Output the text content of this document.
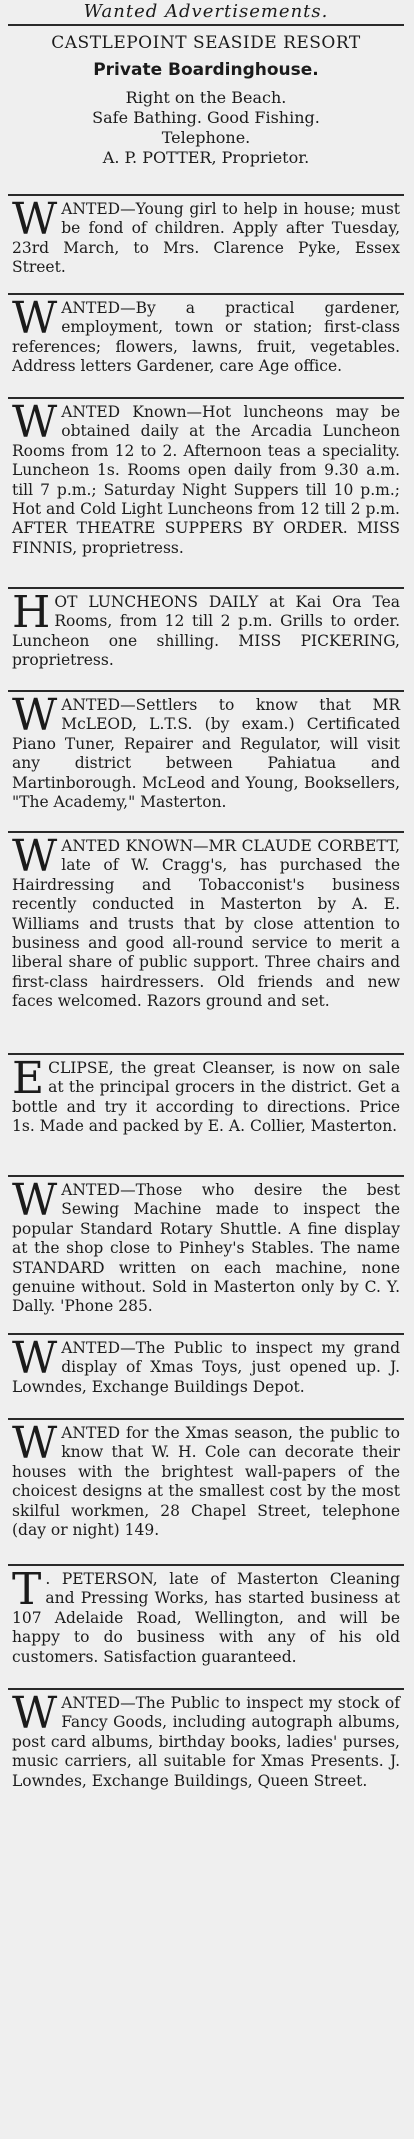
Wanted Advertisements.
CASTLEPOINT SEASIDE RESORT
Private Boardinghouse.
Right on the Beach.
Safe Bathing. Good Fishing.
Telephone.
A. P. POTTER, Proprietor.
WANTED—Young girl to help in house; must be fond of children. Apply after Tuesday, 23rd March, to Mrs. Clarence Pyke, Essex Street.
WANTED—By a practical gardener, employment, town or station; first-class references; flowers, lawns, fruit, vegetables. Address letters Gardener, care Age office.
WANTED Known—Hot luncheons may be obtained daily at the Arcadia Luncheon Rooms from 12 to 2. Afternoon teas a speciality. Luncheon 1s. Rooms open daily from 9.30 a.m. till 7 p.m.; Saturday Night Suppers till 10 p.m.; Hot and Cold Light Luncheons from 12 till 2 p.m. AFTER THEATRE SUPPERS BY ORDER. MISS FINNIS, proprietress.
HOT LUNCHEONS DAILY at Kai Ora Tea Rooms, from 12 till 2 p.m. Grills to order. Luncheon one shilling. MISS PICKERING, proprietress.
WANTED—Settlers to know that MR McLEOD, L.T.S. (by exam.) Certificated Piano Tuner, Repairer and Regulator, will visit any district between Pahiatua and Martinborough. McLeod and Young, Booksellers, "The Academy," Masterton.
WANTED KNOWN—MR CLAUDE CORBETT, late of W. Cragg's, has purchased the Hairdressing and Tobacconist's business recently conducted in Masterton by A. E. Williams and trusts that by close attention to business and good all-round service to merit a liberal share of public support. Three chairs and first-class hairdressers. Old friends and new faces welcomed. Razors ground and set.
ECLIPSE, the great Cleanser, is now on sale at the principal grocers in the district. Get a bottle and try it according to directions. Price 1s. Made and packed by E. A. Collier, Masterton.
WANTED—Those who desire the best Sewing Machine made to inspect the popular Standard Rotary Shuttle. A fine display at the shop close to Pinhey's Stables. The name STANDARD written on each machine, none genuine without. Sold in Masterton only by C. Y. Dally. 'Phone 285.
WANTED—The Public to inspect my grand display of Xmas Toys, just opened up. J. Lowndes, Exchange Buildings Depot.
WANTED for the Xmas season, the public to know that W. H. Cole can decorate their houses with the brightest wall-papers of the choicest designs at the smallest cost by the most skilful workmen, 28 Chapel Street, telephone (day or night) 149.
T . PETERSON, late of Masterton Cleaning and Pressing Works, has started business at 107 Adelaide Road, Wellington, and will be happy to do business with any of his old customers. Satisfaction guaranteed.
WANTED—The Public to inspect my stock of Fancy Goods, including autograph albums, post card albums, birthday books, ladies' purses, music carriers, all suitable for Xmas Presents. J. Lowndes, Exchange Buildings, Queen Street.
